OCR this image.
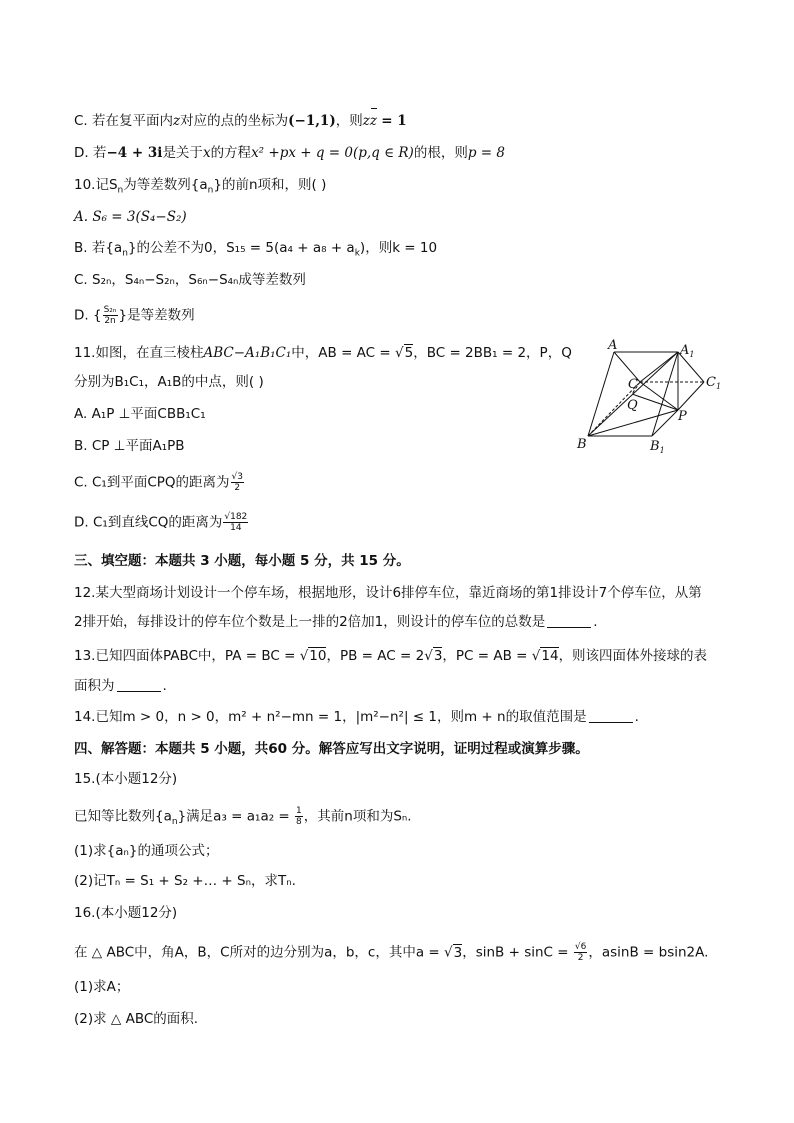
C. 若在复平面内z对应的点的坐标为(−1,1)，则zz = 1
D. 若−4 + 3i是关于x的方程x² +px + q = 0(p,q ∈ R)的根，则p = 8
10.记$S_n$为等差数列$\{a_n\}$的前n项和，则( )
A. S₆ = 3(S₄−S₂)
B. 若$\{a_n\}$的公差不为0，$S_{15} = 5(a_4 + a_8 + a_k)$，则k = 10
C. S₂ₙ，S₄ₙ−S₂ₙ，S₆ₙ−S₄ₙ成等差数列
D. { $\frac{\text{S₂ₙ}}{2n}$ }是等差数列
11.如图，在直三棱柱ABC−A₁B₁C₁中，AB = AC = √5，BC = 2BB₁ = 2，P，Q
分别为B₁C₁，A₁B的中点，则( )
A. A₁P ⊥平面CBB₁C₁
B. CP ⊥平面A₁PB
C. C₁到平面CPQ的距离为 $\frac{√3}{2}$
D. C₁到直线CQ的距离为 $\frac{√182}{14}$
A	$A_1$
C	$C_1$
Q
P
B	$B_1$
三、填空题：本题共 3 小题，每小题 5 分，共 15 分。
12.某大型商场计划设计一个停车场，根据地形，设计6排停车位，靠近商场的第1排设计7个停车位，从第
2排开始，每排设计的停车位个数是上一排的2倍加1，则设计的停车位的总数是	.
13.已知四面体PABC中，PA = BC = √10，PB = AC = 2√3，PC = AB = √14，则该四面体外接球的表
面积为	.
14.已知m > 0，n > 0，m² + n²−mn = 1，|m²−n²| ≤ 1，则m + n的取值范围是	.
四、解答题：本题共 5 小题，共60 分。解答应写出文字说明，证明过程或演算步骤。
15.(本小题12分)
已知等比数列$\{a_n\}$满足$a_3 = a_1a_2 = \frac{1}{8}$ ，其前n项和为Sₙ.
(1)求{aₙ}的通项公式；
(2)记Tₙ = S₁ + S₂ +… + Sₙ，求Tₙ.
16.(本小题12分)
在 △ ABC中，角A，B，C所对的边分别为a，b，c，其中a = √3，$\sin B + \sin C = \frac{√6}{2}$ ，asinB = bsin2A.
(1)求A；
(2)求 △ ABC的面积.
